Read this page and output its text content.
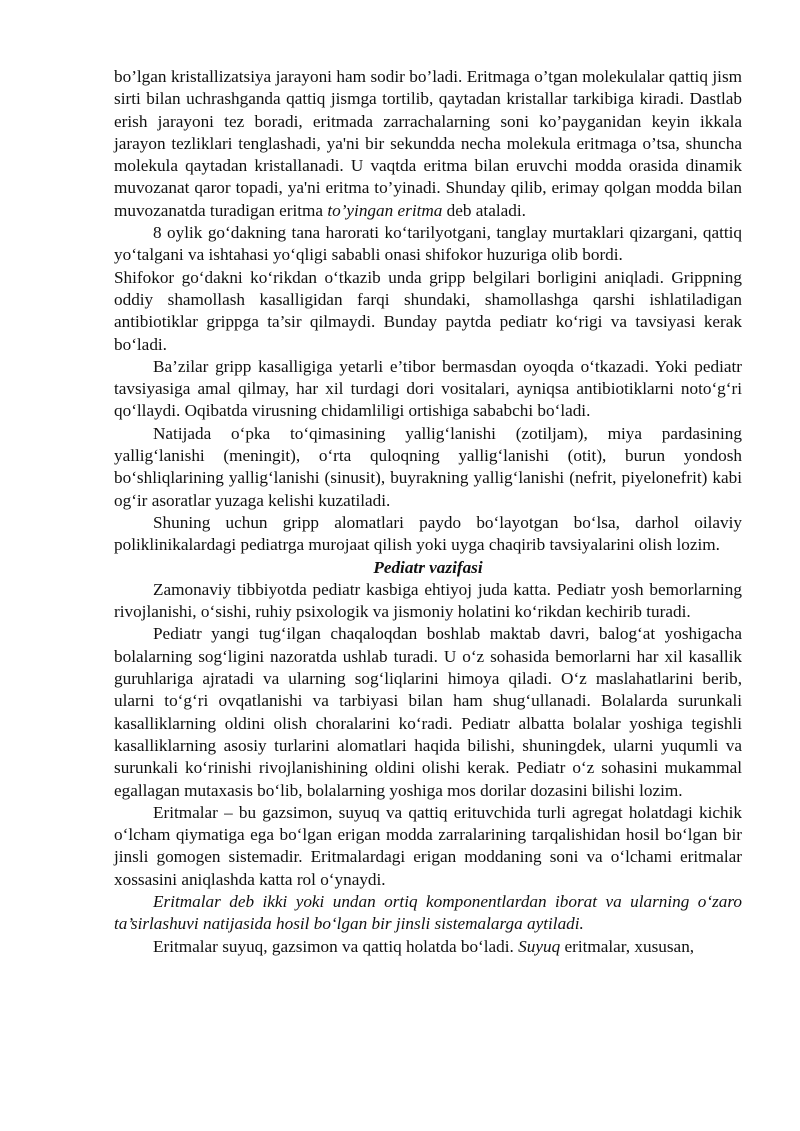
bo’lgan kristallizatsiya jarayoni ham sodir bo’ladi. Eritmaga o’tgan molekulalar qattiq jism sirti bilan uchrashganda qattiq jismga tortilib, qaytadan kristallar tarkibiga kiradi. Dastlab erish jarayoni tez boradi, eritmada zarrachalarning soni ko’payganidan keyin ikkala jarayon tezliklari tenglashadi, ya'ni bir sekundda necha molekula eritmaga o’tsa, shuncha molekula qaytadan kristallanadi. U vaqtda eritma bilan eruvchi modda orasida dinamik muvozanat qaror topadi, ya'ni eritma to’yinadi. Shunday qilib, erimay qolgan modda bilan muvozanatda turadigan eritma to’yingan eritma deb ataladi.

8 oylik go‘dakning tana harorati ko‘tarilyotgani, tanglay murtaklari qizargani, qattiq yo‘talgani va ishtahasi yo‘qligi sababli onasi shifokor huzuriga olib bordi.

Shifokor go‘dakni ko‘rikdan o‘tkazib unda gripp belgilari borligini aniqladi. Grippning oddiy shamollash kasalligidan farqi shundaki, shamollashga qarshi ishlatiladigan antibiotiklar grippga ta’sir qilmaydi. Bunday paytda pediatr ko‘rigi va tavsiyasi kerak bo‘ladi.

Ba’zilar gripp kasalligiga yetarli e’tibor bermasdan oyoqda o‘tkazadi. Yoki pediatr tavsiyasiga amal qilmay, har xil turdagi dori vositalari, ayniqsa antibiotiklarni noto‘g‘ri qo‘llaydi. Oqibatda virusning chidamliligi ortishiga sababchi bo‘ladi.

Natijada o‘pka to‘qimasining yallig‘lanishi (zotiljam), miya pardasining yallig‘lanishi (meningit), o‘rta quloqning yallig‘lanishi (otit), burun yondosh bo‘shliqlarining yallig‘lanishi (sinusit), buyrakning yallig‘lanishi (nefrit, piyelonefrit) kabi og‘ir asoratlar yuzaga kelishi kuzatiladi.

Shuning uchun gripp alomatlari paydo bo‘layotgan bo‘lsa, darhol oilaviy poliklinikalardagi pediatrga murojaat qilish yoki uyga chaqirib tavsiyalarini olish lozim.

Pediatr vazifasi

Zamonaviy tibbiyotda pediatr kasbiga ehtiyoj juda katta. Pediatr yosh bemorlarning rivojlanishi, o‘sishi, ruhiy psixologik va jismoniy holatini ko‘rikdan kechirib turadi.

Pediatr yangi tug‘ilgan chaqaloqdan boshlab maktab davri, balog‘at yoshigacha bolalarning sog‘ligini nazoratda ushlab turadi. U o‘z sohasida bemorlarni har xil kasallik guruhlariga ajratadi va ularning sog‘liqlarini himoya qiladi. O‘z maslahatlarini berib, ularni to‘g‘ri ovqatlanishi va tarbiyasi bilan ham shug‘ullanadi. Bolalarda surunkali kasalliklarning oldini olish choralarini ko‘radi. Pediatr albatta bolalar yoshiga tegishli kasalliklarning asosiy turlarini alomatlari haqida bilishi, shuningdek, ularni yuqumli va surunkali ko‘rinishi rivojlanishining oldini olishi kerak. Pediatr o‘z sohasini mukammal egallagan mutaxasis bo‘lib, bolalarning yoshiga mos dorilar dozasini bilishi lozim.

Eritmalar – bu gazsimon, suyuq va qattiq erituvchida turli agregat holatdagi kichik o‘lcham qiymatiga ega bo‘lgan erigan modda zarralarining tarqalishidan hosil bo‘lgan bir jinsli gomogen sistemadir. Eritmalardagi erigan moddaning soni va o‘lchami eritmalar xossasini aniqlashda katta rol o‘ynaydi.

Eritmalar deb ikki yoki undan ortiq komponentlardan iborat va ularning o‘zaro ta’sirlashuvi natijasida hosil bo‘lgan bir jinsli sistemalarga aytiladi.

Eritmalar suyuq, gazsimon va qattiq holatda bo‘ladi. Suyuq eritmalar, xususan,
